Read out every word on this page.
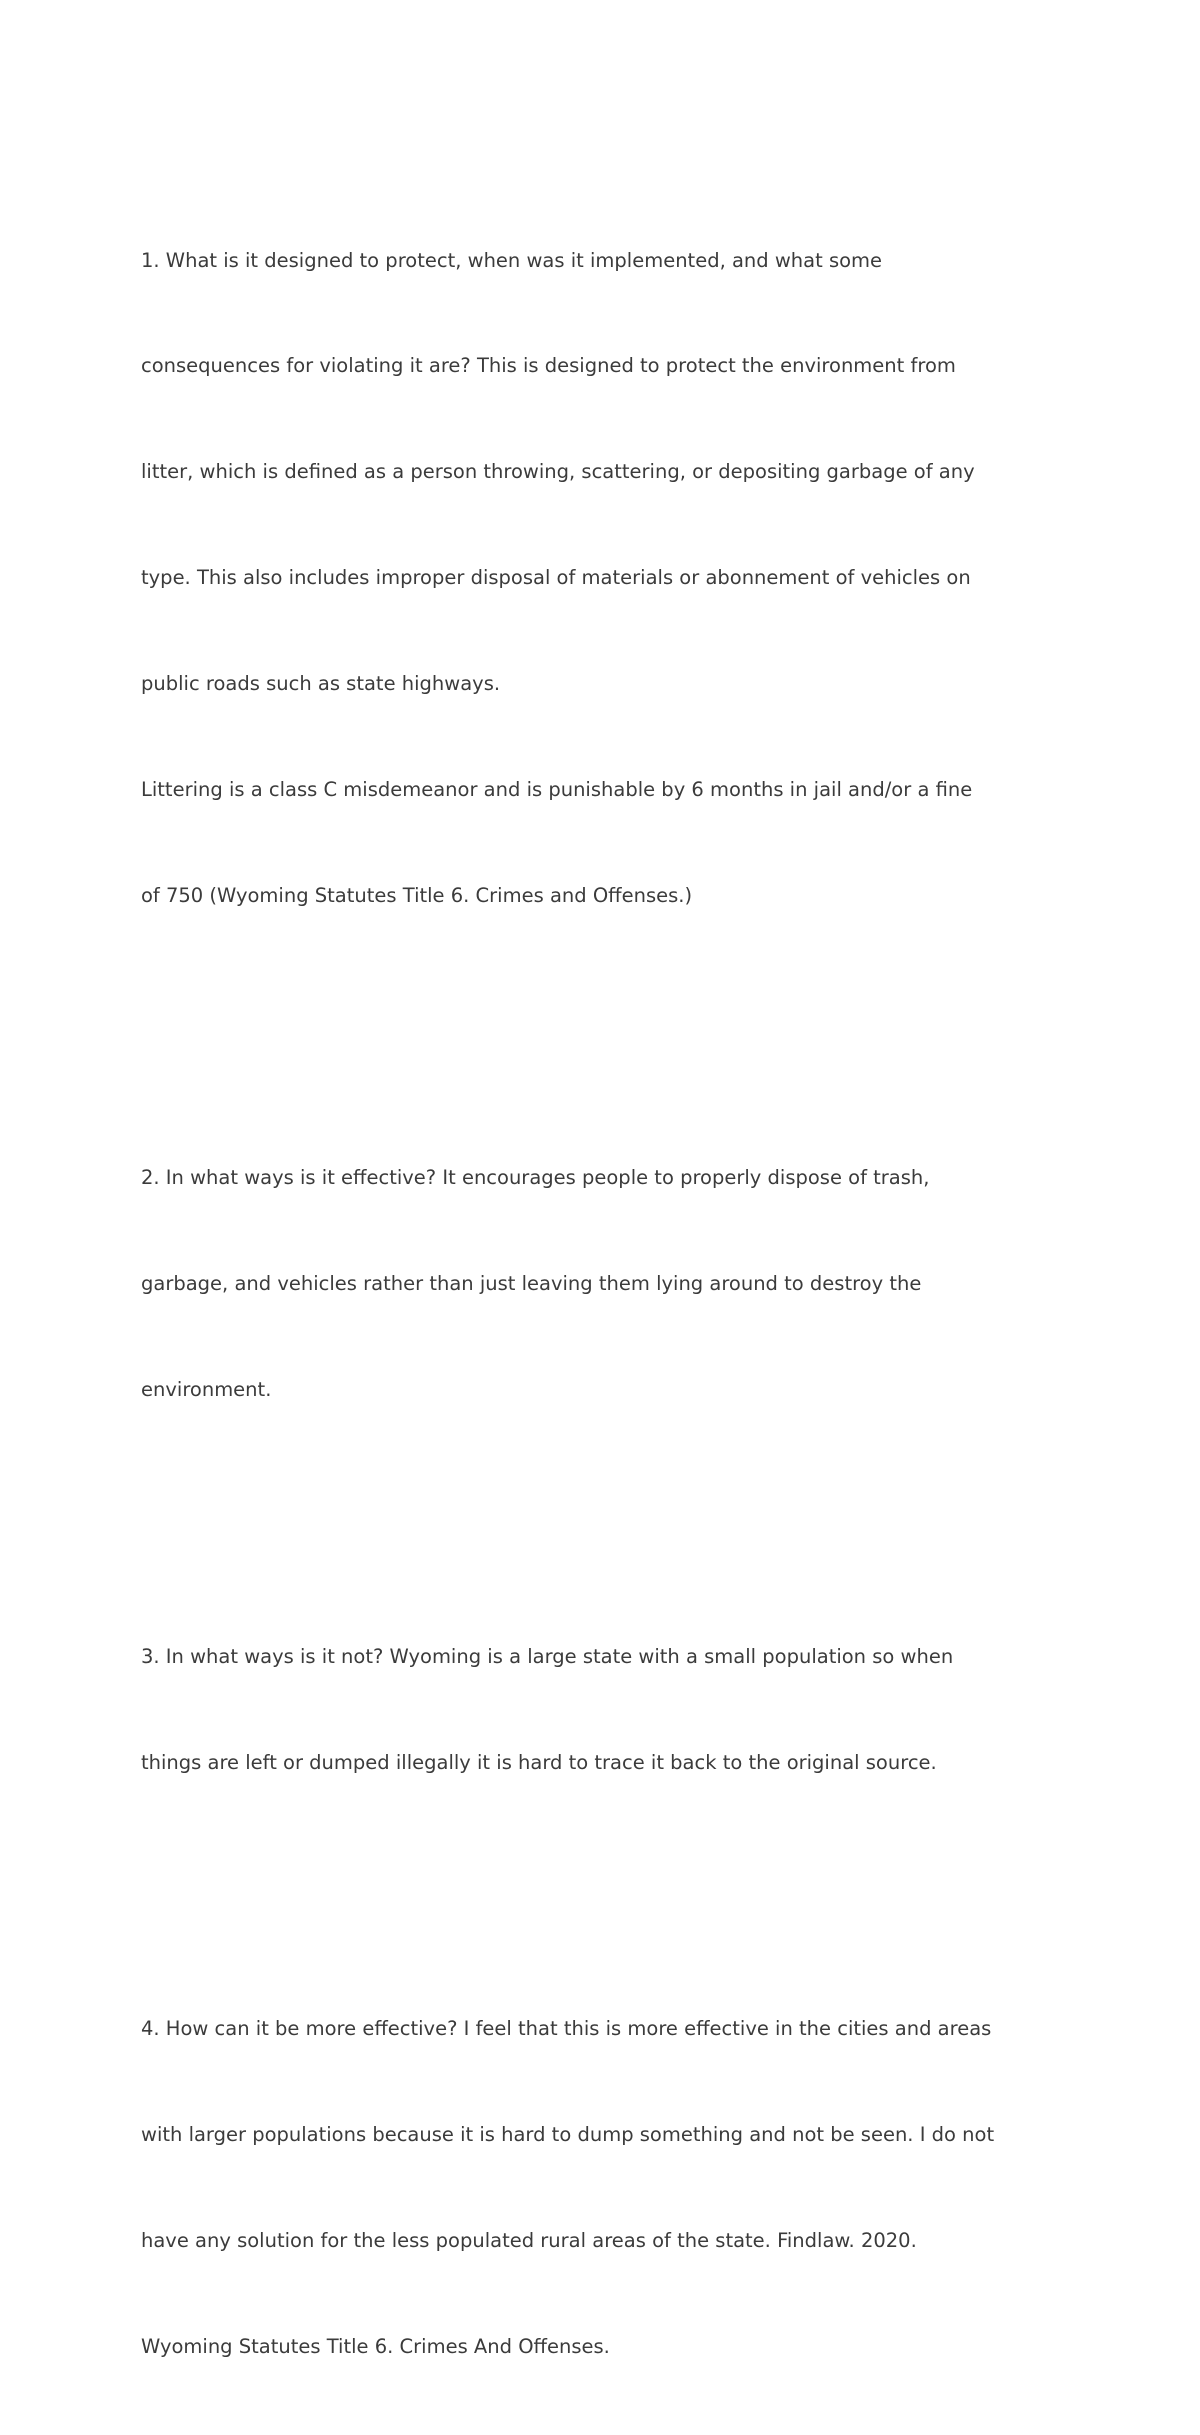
1. What is it designed to protect, when was it implemented, and what some

consequences for violating it are? This is designed to protect the environment from

litter, which is defined as a person throwing, scattering, or depositing garbage of any

type. This also includes improper disposal of materials or abonnement of vehicles on

public roads such as state highways.

Littering is a class C misdemeanor and is punishable by 6 months in jail and/or a fine

of 750 (Wyoming Statutes Title 6. Crimes and Offenses.)

2. In what ways is it effective? It encourages people to properly dispose of trash,

garbage, and vehicles rather than just leaving them lying around to destroy the

environment.

3. In what ways is it not? Wyoming is a large state with a small population so when

things are left or dumped illegally it is hard to trace it back to the original source.

4. How can it be more effective? I feel that this is more effective in the cities and areas

with larger populations because it is hard to dump something and not be seen. I do not

have any solution for the less populated rural areas of the state. Findlaw. 2020.

Wyoming Statutes Title 6. Crimes And Offenses.
